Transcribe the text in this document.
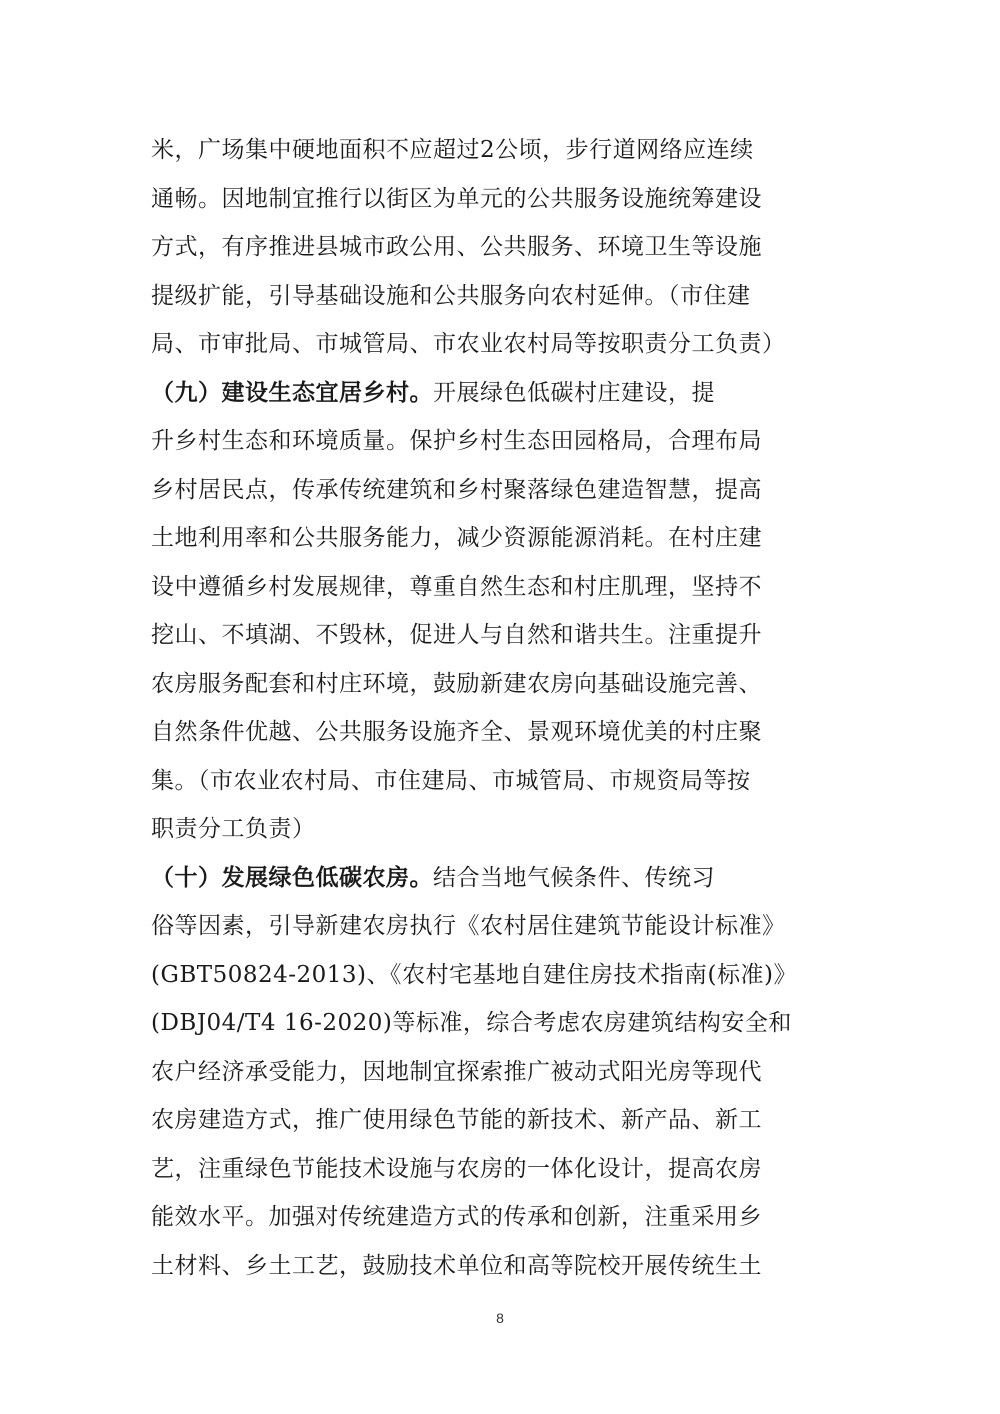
米，广场集中硬地面积不应超过2公顷，步行道网络应连续
通畅。因地制宜推行以街区为单元的公共服务设施统筹建设
方式，有序推进县城市政公用、公共服务、环境卫生等设施
提级扩能，引导基础设施和公共服务向农村延伸。（市住建
局、市审批局、市城管局、市农业农村局等按职责分工负责）
（九）建设生态宜居乡村。开展绿色低碳村庄建设，提
升乡村生态和环境质量。保护乡村生态田园格局，合理布局
乡村居民点，传承传统建筑和乡村聚落绿色建造智慧，提高
土地利用率和公共服务能力，减少资源能源消耗。在村庄建
设中遵循乡村发展规律，尊重自然生态和村庄肌理，坚持不
挖山、不填湖、不毁林，促进人与自然和谐共生。注重提升
农房服务配套和村庄环境，鼓励新建农房向基础设施完善、
自然条件优越、公共服务设施齐全、景观环境优美的村庄聚
集。（市农业农村局、市住建局、市城管局、市规资局等按
职责分工负责）
（十）发展绿色低碳农房。结合当地气候条件、传统习
俗等因素，引导新建农房执行《农村居住建筑节能设计标准》
(GBT50824-2013)、《农村宅基地自建住房技术指南(标准)》
(DBJ04/T4 16-2020)等标准，综合考虑农房建筑结构安全和
农户经济承受能力，因地制宜探索推广被动式阳光房等现代
农房建造方式，推广使用绿色节能的新技术、新产品、新工
艺，注重绿色节能技术设施与农房的一体化设计，提高农房
能效水平。加强对传统建造方式的传承和创新，注重采用乡
土材料、乡土工艺，鼓励技术单位和高等院校开展传统生土
8
